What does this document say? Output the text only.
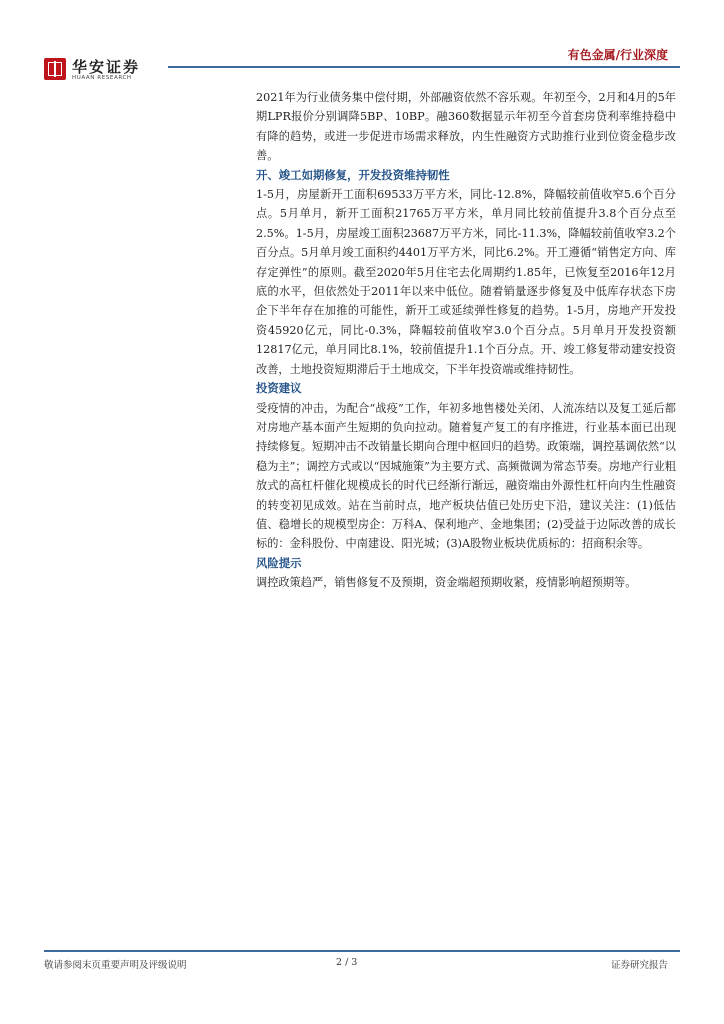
华安证券
HUAAN RESEARCH
有色金属/行业深度

2021年为行业债务集中偿付期，外部融资依然不容乐观。年初至今，2月和4月的5年期LPR报价分别调降5BP、10BP。融360数据显示年初至今首套房贷利率维持稳中有降的趋势，或进一步促进市场需求释放，内生性融资方式助推行业到位资金稳步改善。

开、竣工如期修复，开发投资维持韧性

1-5月，房屋新开工面积69533万平方米，同比-12.8%，降幅较前值收窄5.6个百分点。5月单月，新开工面积21765万平方米，单月同比较前值提升3.8个百分点至2.5%。1-5月，房屋竣工面积23687万平方米，同比-11.3%，降幅较前值收窄3.2个百分点。5月单月竣工面积约4401万平方米，同比6.2%。开工遵循“销售定方向、库存定弹性”的原则。截至2020年5月住宅去化周期约1.85年，已恢复至2016年12月底的水平，但依然处于2011年以来中低位。随着销量逐步修复及中低库存状态下房企下半年存在加推的可能性，新开工或延续弹性修复的趋势。1-5月，房地产开发投资45920亿元，同比-0.3%，降幅较前值收窄3.0个百分点。5月单月开发投资额12817亿元，单月同比8.1%，较前值提升1.1个百分点。开、竣工修复带动建安投资改善，土地投资短期滞后于土地成交，下半年投资端或维持韧性。

投资建议

受疫情的冲击，为配合“战疫”工作，年初多地售楼处关闭、人流冻结以及复工延后都对房地产基本面产生短期的负向拉动。随着复产复工的有序推进，行业基本面已出现持续修复。短期冲击不改销量长期向合理中枢回归的趋势。政策端，调控基调依然“以稳为主”；调控方式或以“因城施策”为主要方式、高频微调为常态节奏。房地产行业粗放式的高杠杆催化规模成长的时代已经渐行渐远，融资端由外源性杠杆向内生性融资的转变初见成效。站在当前时点，地产板块估值已处历史下沿，建议关注：(1)低估值、稳增长的规模型房企：万科A、保利地产、金地集团；(2)受益于边际改善的成长标的：金科股份、中南建设、阳光城；(3)A股物业板块优质标的：招商积余等。

风险提示

调控政策趋严，销售修复不及预期，资金端超预期收紧，疫情影响超预期等。

敬请参阅末页重要声明及评级说明	2 / 3	证券研究报告
